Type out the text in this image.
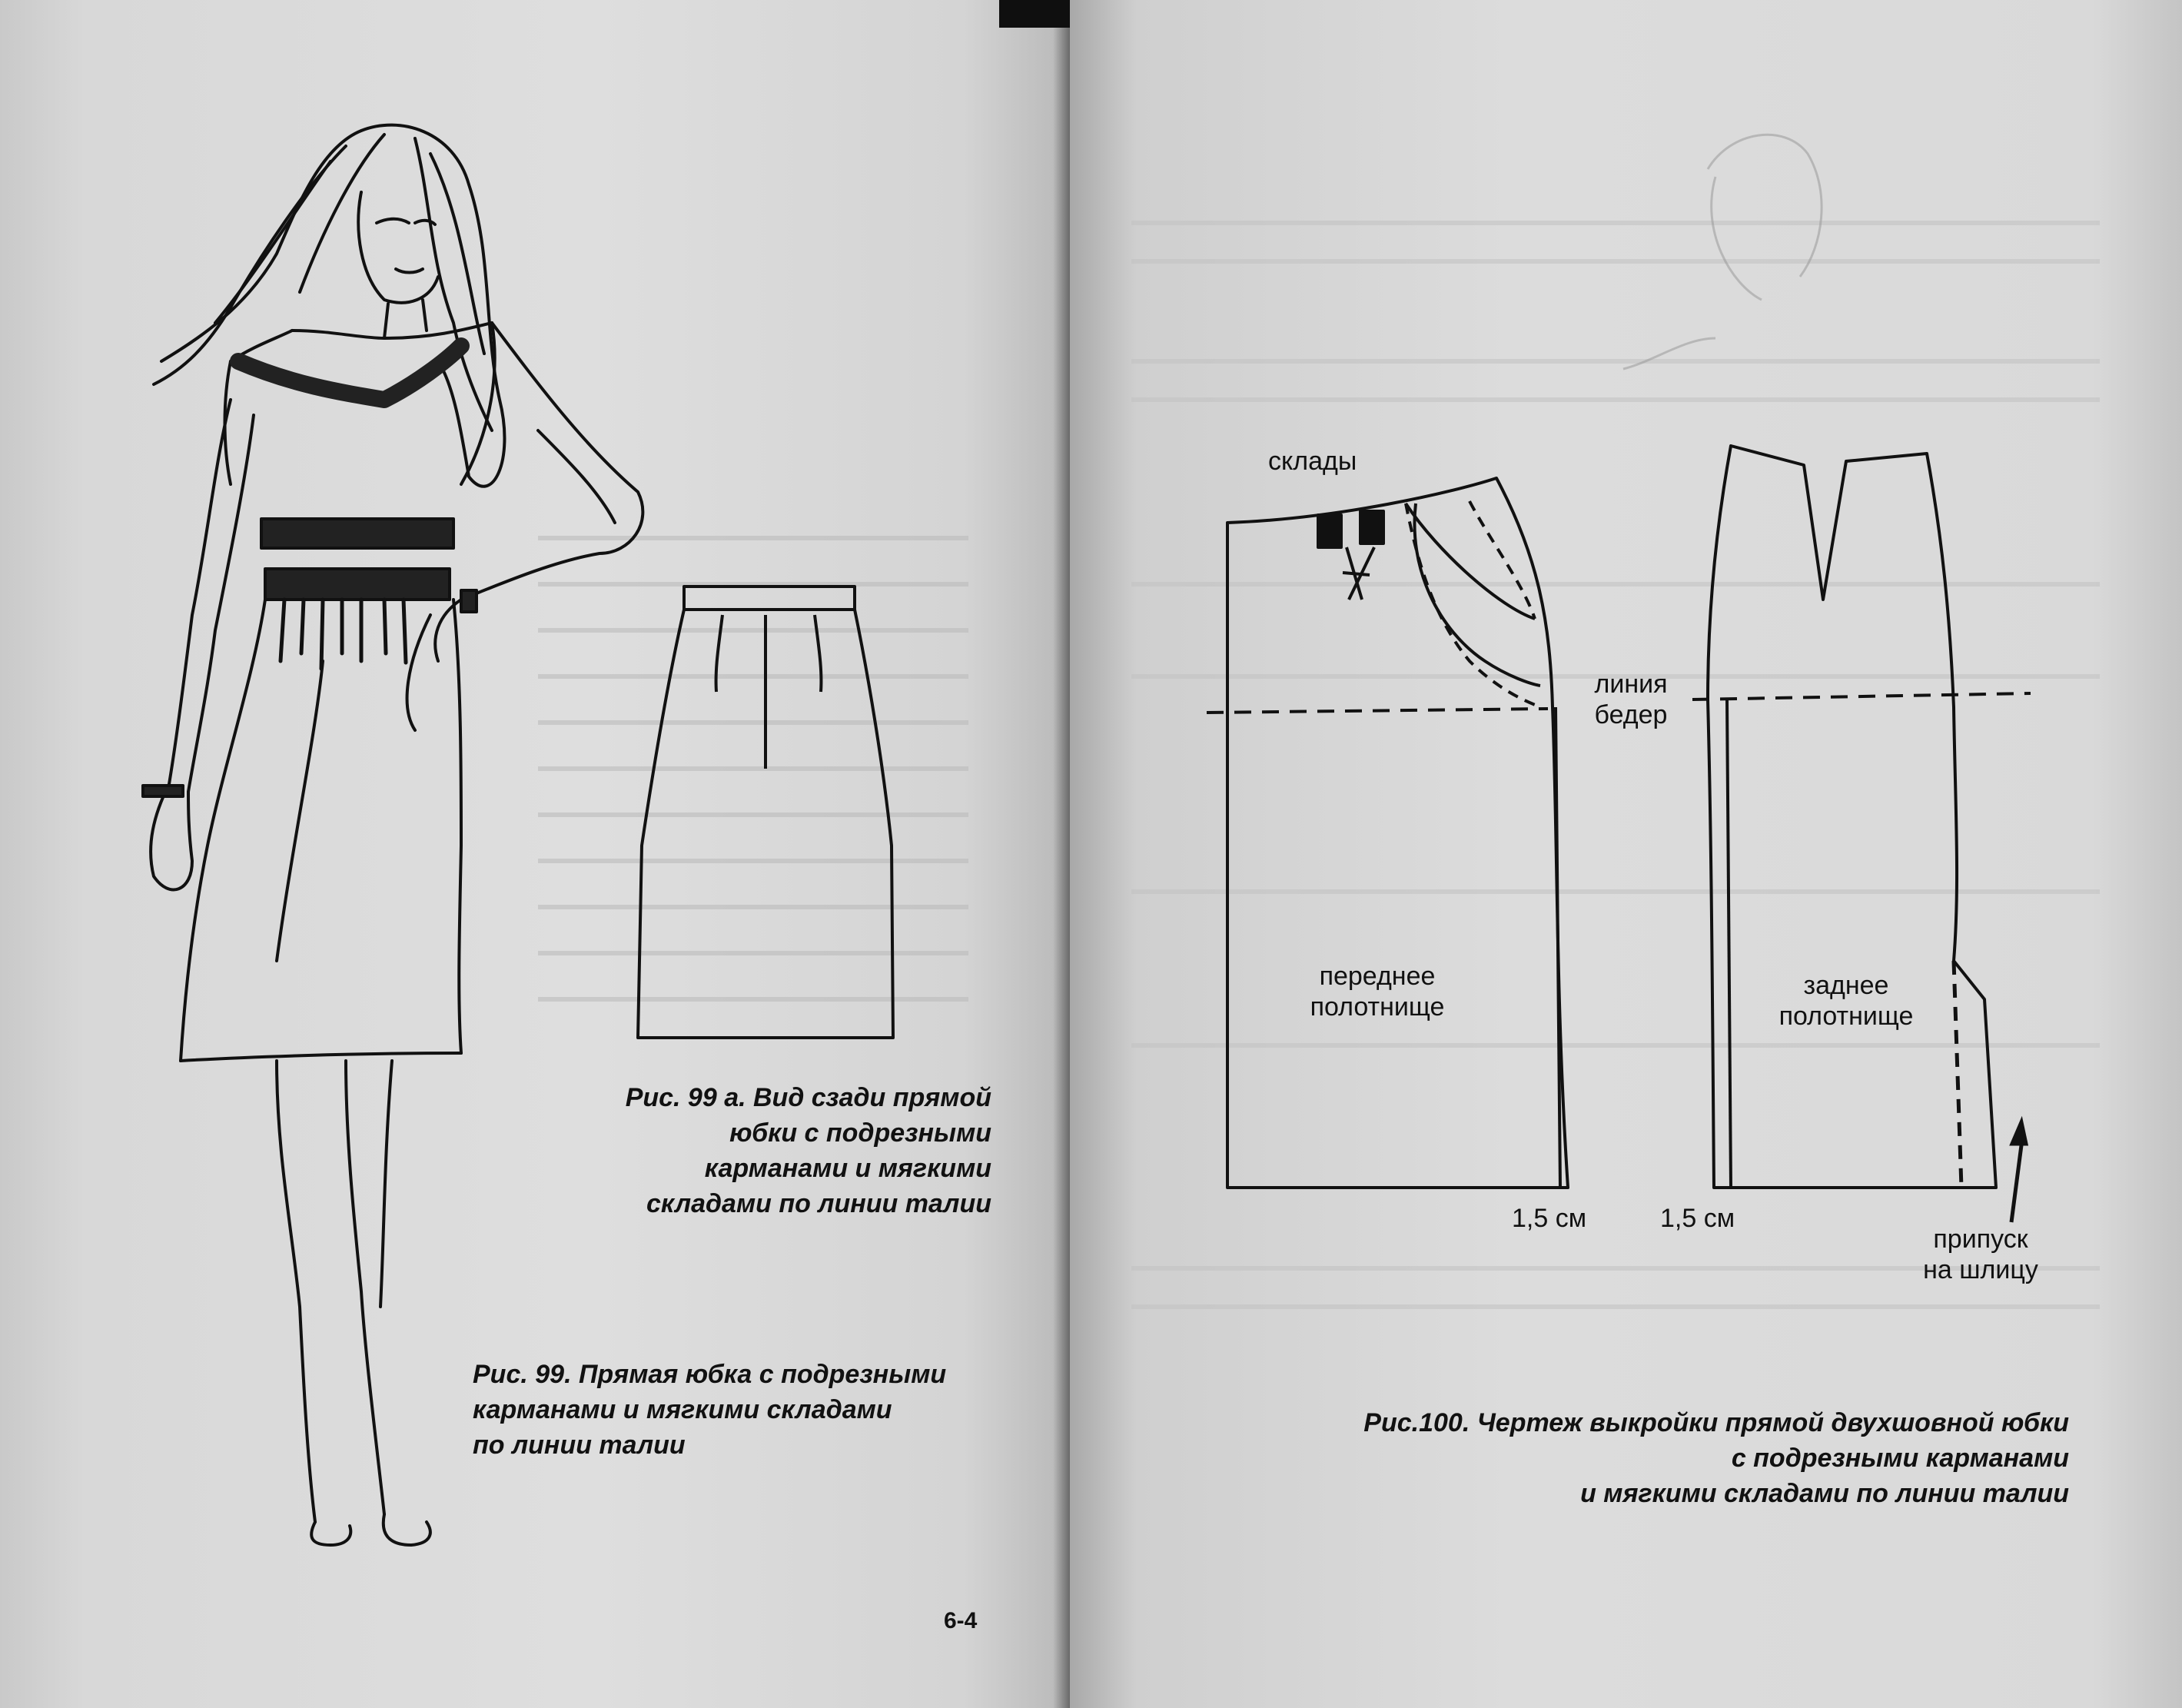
Рис. 99 а. Вид сзади прямой
юбки с подрезными
карманами и мягкими
складами по линии талии
Рис. 99. Прямая юбка с подрезными
карманами и мягкими складами
по линии талии
6-4
склады
линия
бедер
переднее
полотнище
заднее
полотнище
1,5 см	1,5 см
припуск
на шлицу
Рис.100. Чертеж выкройки прямой двухшовной юбки
с подрезными карманами
и мягкими складами по линии талии
